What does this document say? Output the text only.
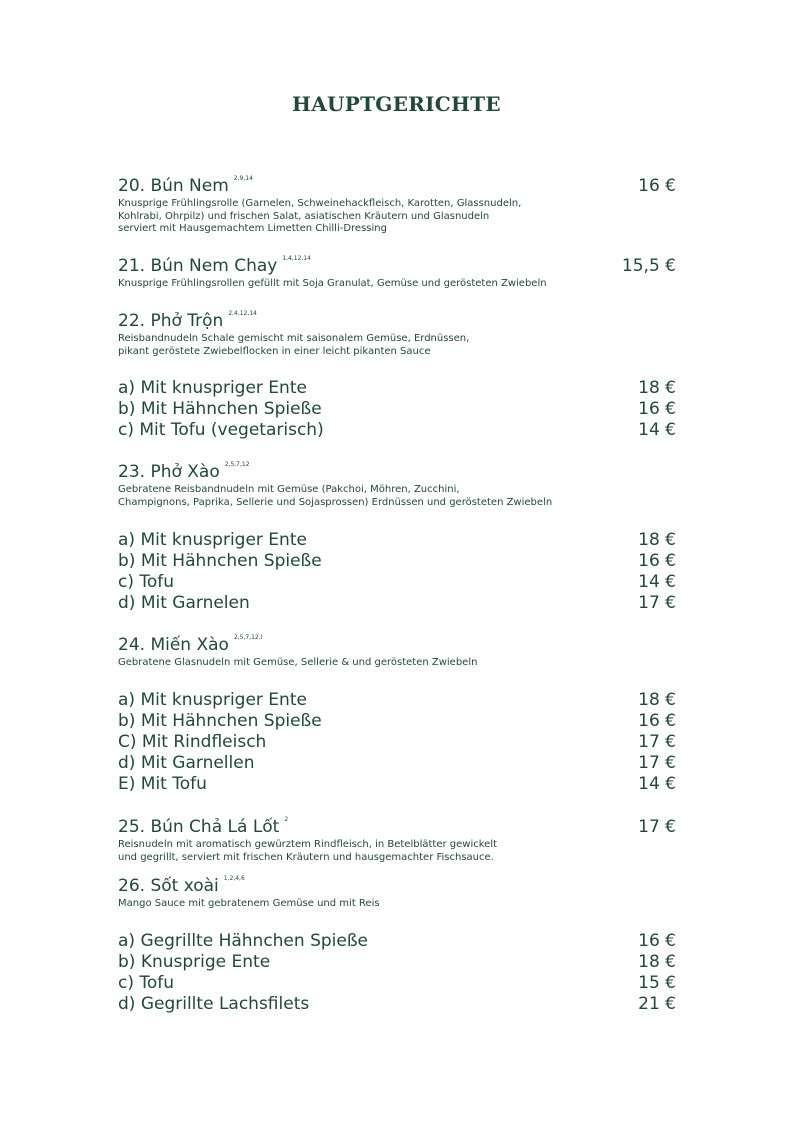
HAUPTGERICHTE
20. Bún Nem $^{2,9,14}$	16 €
Knusprige Frühlingsrolle (Garnelen, Schweinehackfleisch, Karotten, Glassnudeln,
Kohlrabi, Ohrpilz) und frischen Salat, asiatischen Kräutern und Glasnudeln
serviert mit Hausgemachtem Limetten Chilli-Dressing
21. Bún Nem Chay $^{1,4,12,14}$	15,5 €
Knusprige Frühlingsrollen gefüllt mit Soja Granulat, Gemüse und gerösteten Zwiebeln
22. Phở Trộn $^{2,4,12,14}$
Reisbandnudeln Schale gemischt mit saisonalem Gemüse, Erdnüssen,
pikant geröstete Zwiebelflocken in einer leicht pikanten Sauce
a) Mit knuspriger Ente	18 €
b) Mit Hähnchen Spieße	16 €
c) Mit Tofu (vegetarisch)	14 €
23. Phở Xào $^{2,5,7,12}$
Gebratene Reisbandnudeln mit Gemüse (Pakchoi, Möhren, Zucchini,
Champignons, Paprika, Sellerie und Sojasprossen) Erdnüssen und gerösteten Zwiebeln
a) Mit knuspriger Ente	18 €
b) Mit Hähnchen Spieße	16 €
c) Tofu	14 €
d) Mit Garnelen	17 €
24. Miến Xào $^{2,5,7,12,l}$
Gebratene Glasnudeln mit Gemüse, Sellerie & und gerösteten Zwiebeln
a) Mit knuspriger Ente	18 €
b) Mit Hähnchen Spieße	16 €
C) Mit Rindfleisch	17 €
d) Mit Garnellen	17 €
E) Mit Tofu	14 €
25. Bún Chả Lá Lốt $^2$	17 €
Reisnudeln mit aromatisch gewürztem Rindfleisch, in Betelblätter gewickelt
und gegrillt, serviert mit frischen Kräutern und hausgemachter Fischsauce.
26. Sốt xoài $^{1,2,4,6}$
Mango Sauce mit gebratenem Gemüse und mit Reis
a) Gegrillte Hähnchen Spieße	16 €
b) Knusprige Ente	18 €
c) Tofu	15 €
d) Gegrillte Lachsfilets	21 €
